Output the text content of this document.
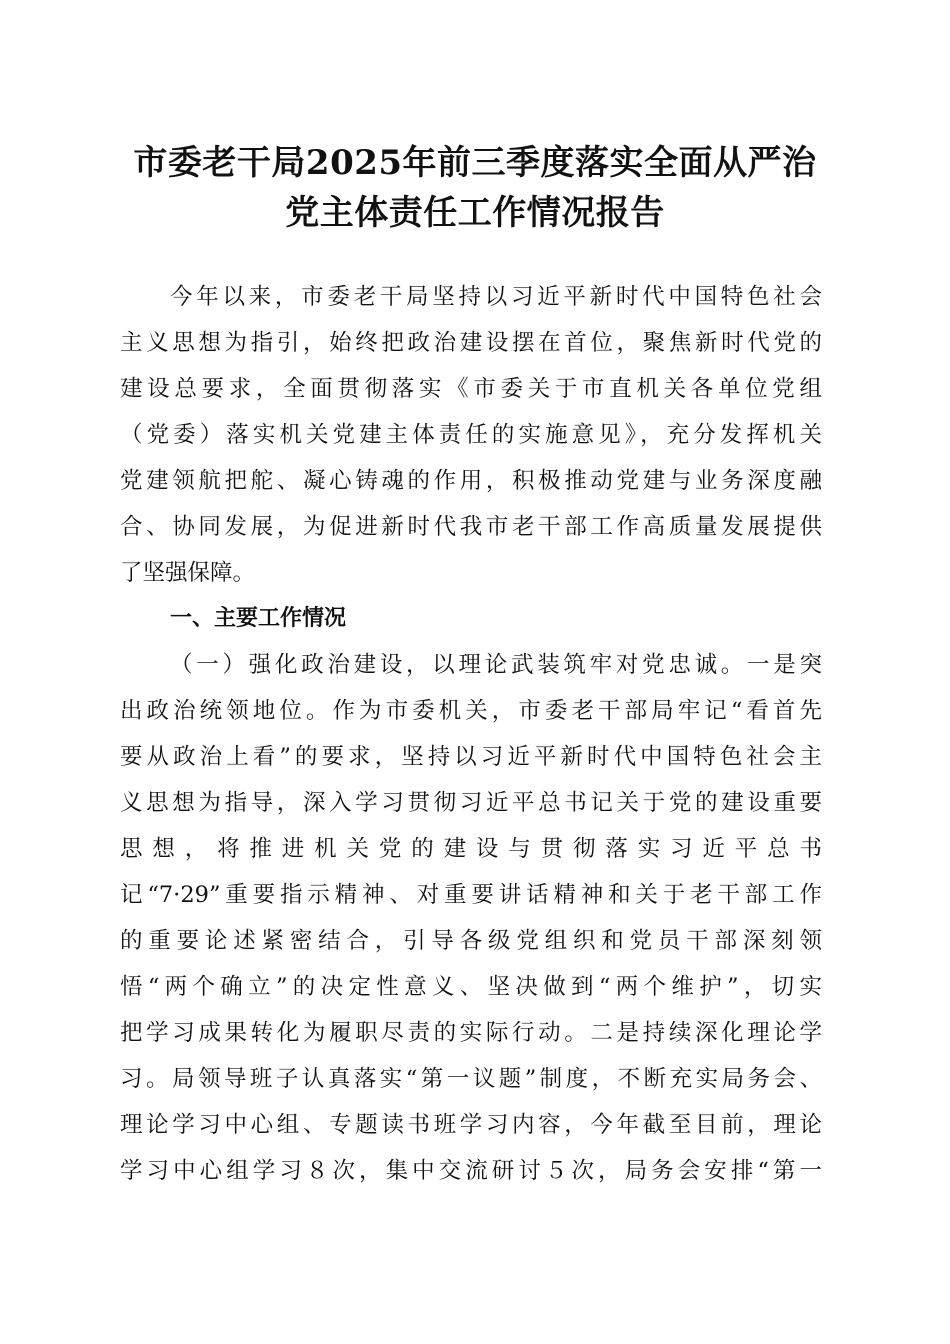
市委老干局2025年前三季度落实全面从严治
党主体责任工作情况报告
今年以来，市委老干局坚持以习近平新时代中国特色社会
主义思想为指引，始终把政治建设摆在首位，聚焦新时代党的
建设总要求，全面贯彻落实《市委关于市直机关各单位党组
（党委）落实机关党建主体责任的实施意见》，充分发挥机关
党建领航把舵、凝心铸魂的作用，积极推动党建与业务深度融
合、协同发展，为促进新时代我市老干部工作高质量发展提供
了坚强保障。
一、主要工作情况
（一）强化政治建设，以理论武装筑牢对党忠诚。一是突
出政治统领地位。作为市委机关，市委老干部局牢记“看首先
要从政治上看”的要求，坚持以习近平新时代中国特色社会主
义思想为指导，深入学习贯彻习近平总书记关于党的建设重要
思想，将推进机关党的建设与贯彻落实习近平总书
记“7·29”重要指示精神、对重要讲话精神和关于老干部工作
的重要论述紧密结合，引导各级党组织和党员干部深刻领
悟“两个确立”的决定性意义、坚决做到“两个维护”，切实
把学习成果转化为履职尽责的实际行动。二是持续深化理论学
习。局领导班子认真落实“第一议题”制度，不断充实局务会、
理论学习中心组、专题读书班学习内容，今年截至目前，理论
学习中心组学习８次，集中交流研讨５次，局务会安排“第一
